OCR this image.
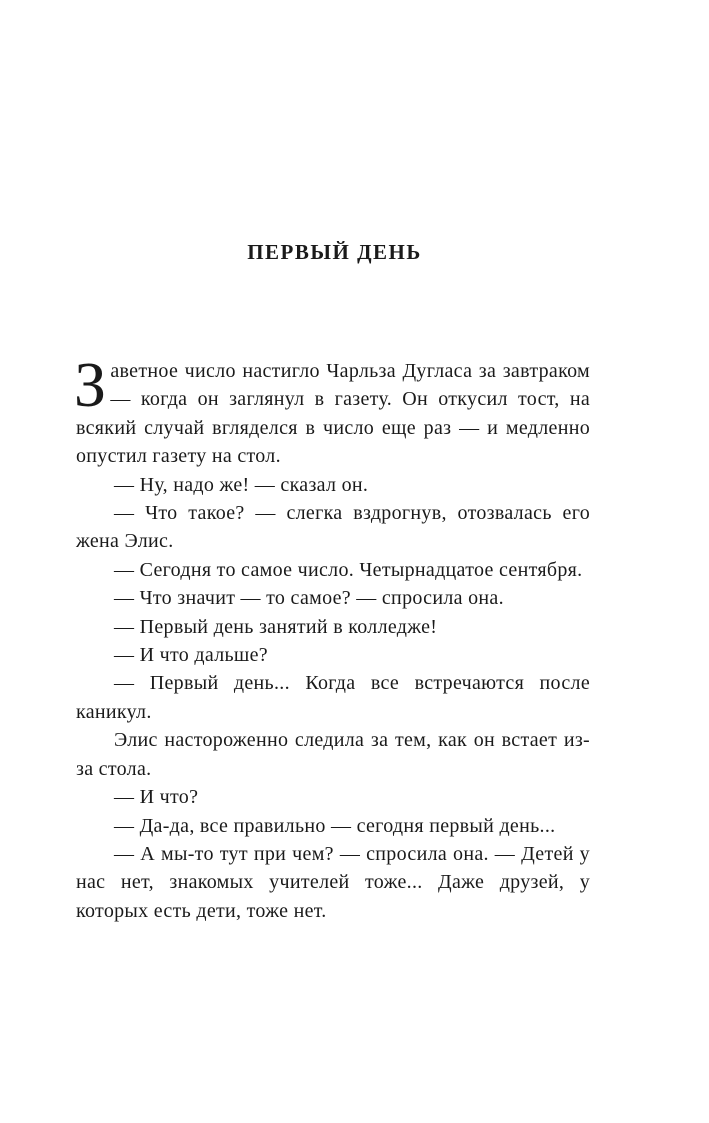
ПЕРВЫЙ ДЕНЬ

Заветное число настигло Чарльза Дугласа за завтраком — когда он заглянул в газету. Он откусил тост, на всякий случай вгляделся в число еще раз — и медленно опустил газету на стол.

— Ну, надо же! — сказал он.

— Что такое? — слегка вздрогнув, отозвалась его жена Элис.

— Сегодня то самое число. Четырнадцатое сентября.

— Что значит — то самое? — спросила она.

— Первый день занятий в колледже!

— И что дальше?

— Первый день... Когда все встречаются после каникул.

Элис настороженно следила за тем, как он встает из-за стола.

— И что?

— Да-да, все правильно — сегодня первый день...

— А мы-то тут при чем? — спросила она. — Детей у нас нет, знакомых учителей тоже... Даже друзей, у которых есть дети, тоже нет.
